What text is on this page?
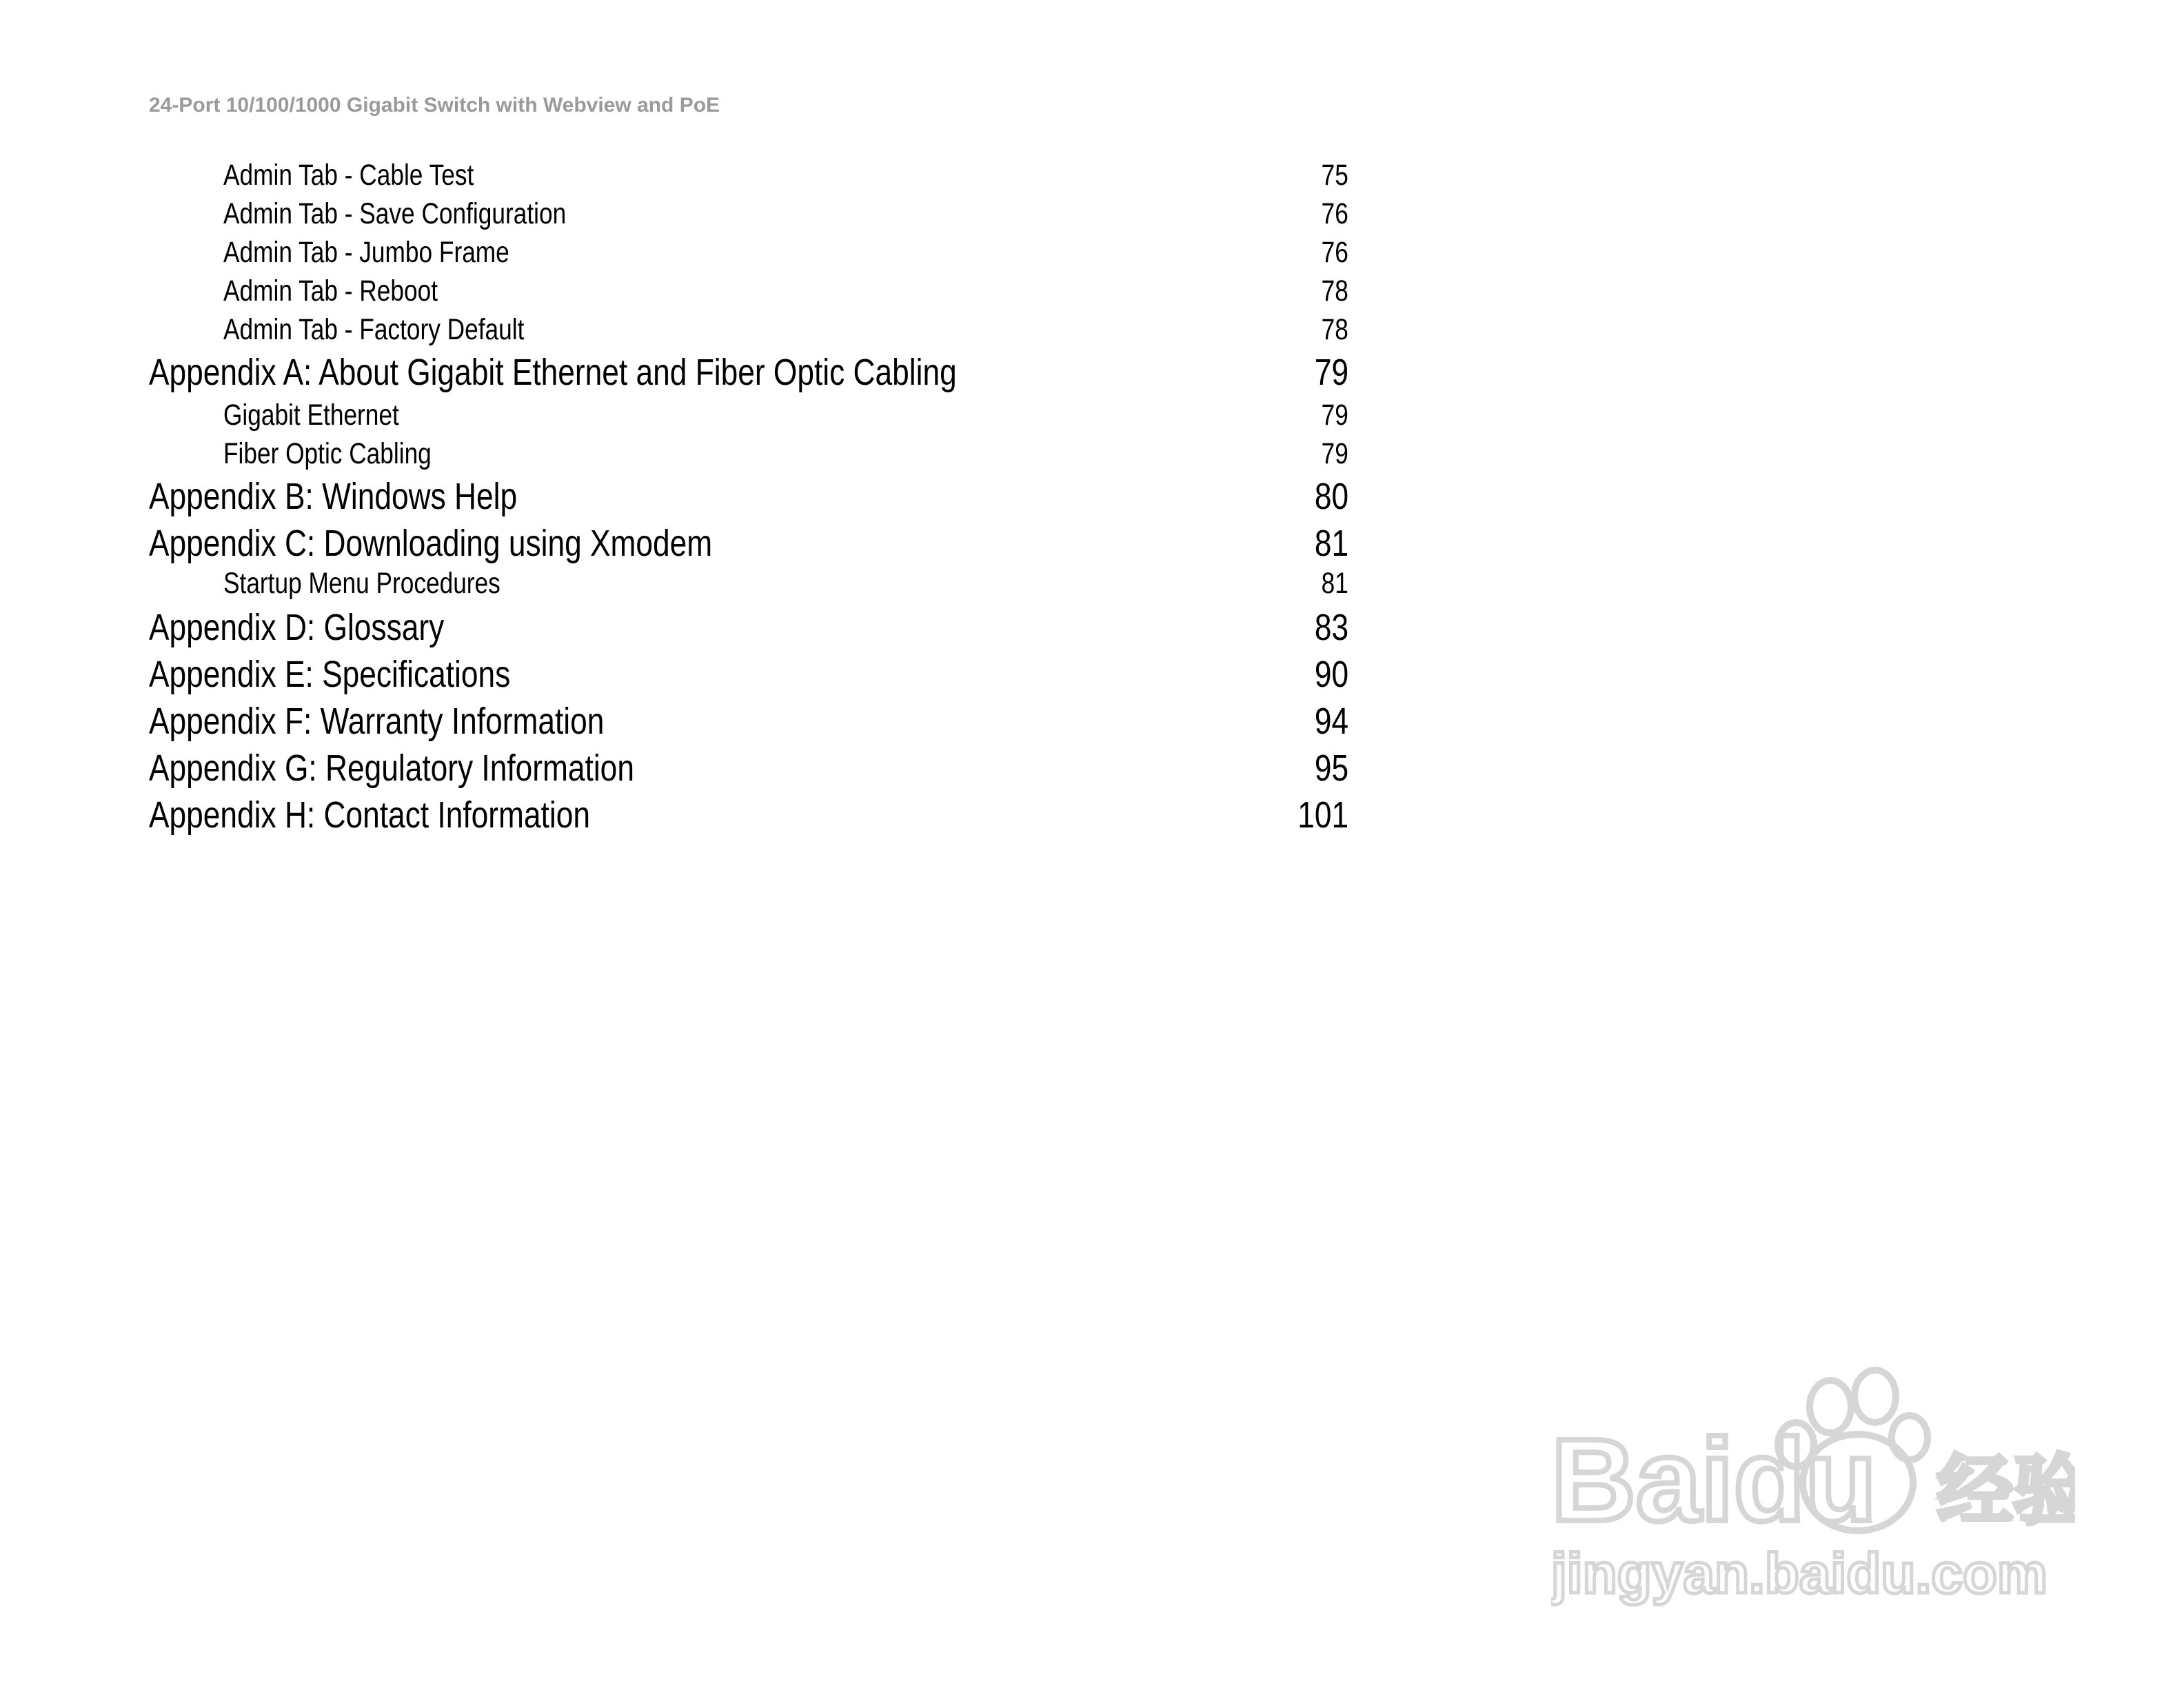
24-Port 10/100/1000 Gigabit Switch with Webview and PoE
Admin Tab - Cable Test	75
Admin Tab - Save Configuration	76
Admin Tab - Jumbo Frame	76
Admin Tab - Reboot	78
Admin Tab - Factory Default	78
Appendix A: About Gigabit Ethernet and Fiber Optic Cabling	79
Gigabit Ethernet	79
Fiber Optic Cabling	79
Appendix B: Windows Help	80
Appendix C: Downloading using Xmodem	81
Startup Menu Procedures	81
Appendix D: Glossary	83
Appendix E: Specifications	90
Appendix F: Warranty Information	94
Appendix G: Regulatory Information	95
Appendix H: Contact Information	101
Baidu 经验
jingyan.baidu.com
